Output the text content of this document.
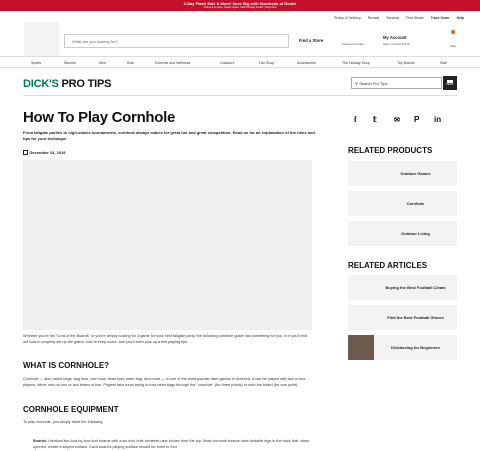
2-Day Flash Sale & More! Save Big with Hundreds of Deals!
Online & in-store. Select styles. Valid through 12/10/. Shop Now
Pickup & Delivery Rentals Services Find Stores Track Order Help
What are you looking for?	Find a Store
Selected Location
My Account
Sign in to Earn Points	Cart
Sports	Women	Men	Kids	Exercise and Wellness	Outdoors	Fan Shop	Accessories	The Holiday Shop	Top Brands	Sale
DICK'S PRO TIPS	⚲ Search Pro Tips	MENU
How To Play Cornhole

From tailgate parties to high-stakes tournaments, cornhole always makes for great fun and great competition. Read on for an explanation of the rules and tips for your technique.

December 24, 2019

Whether you're the "Lord of the Boards" or you're simply looking for a game for your next tailgate party, the following cornhole guide has something for you. In it you'll find out how to properly set up the game, how to keep score, and you'll even pick up a few playing tips.

WHAT IS CORNHOLE?

Cornhole — also called bags, bag toss, corn toss, bean toss, bean bag, and more — is one of the most popular lawn games in America. It can be played with two or four players, either one-on-one or two teams of two. Players take turns trying to toss bean bags through the "cornhole" (for three points) or onto the board (for one point).

CORNHOLE EQUIPMENT

To play cornhole, you simply need the following.

Boards: Identical two-foot-by-four-foot boards with a six-inch hole centered nine inches from the top. Most cornhole boards have foldable legs in the back that, when opened, create a sloped surface. Each board's playing surface should be three to four

f 𝕥 ✉ P in
RELATED PRODUCTS
Outdoor Games
Cornhole
Outdoor Living
RELATED ARTICLES
Buying the Best Football Cleats
Find the Best Football Gloves
Kickboxing for Beginners
